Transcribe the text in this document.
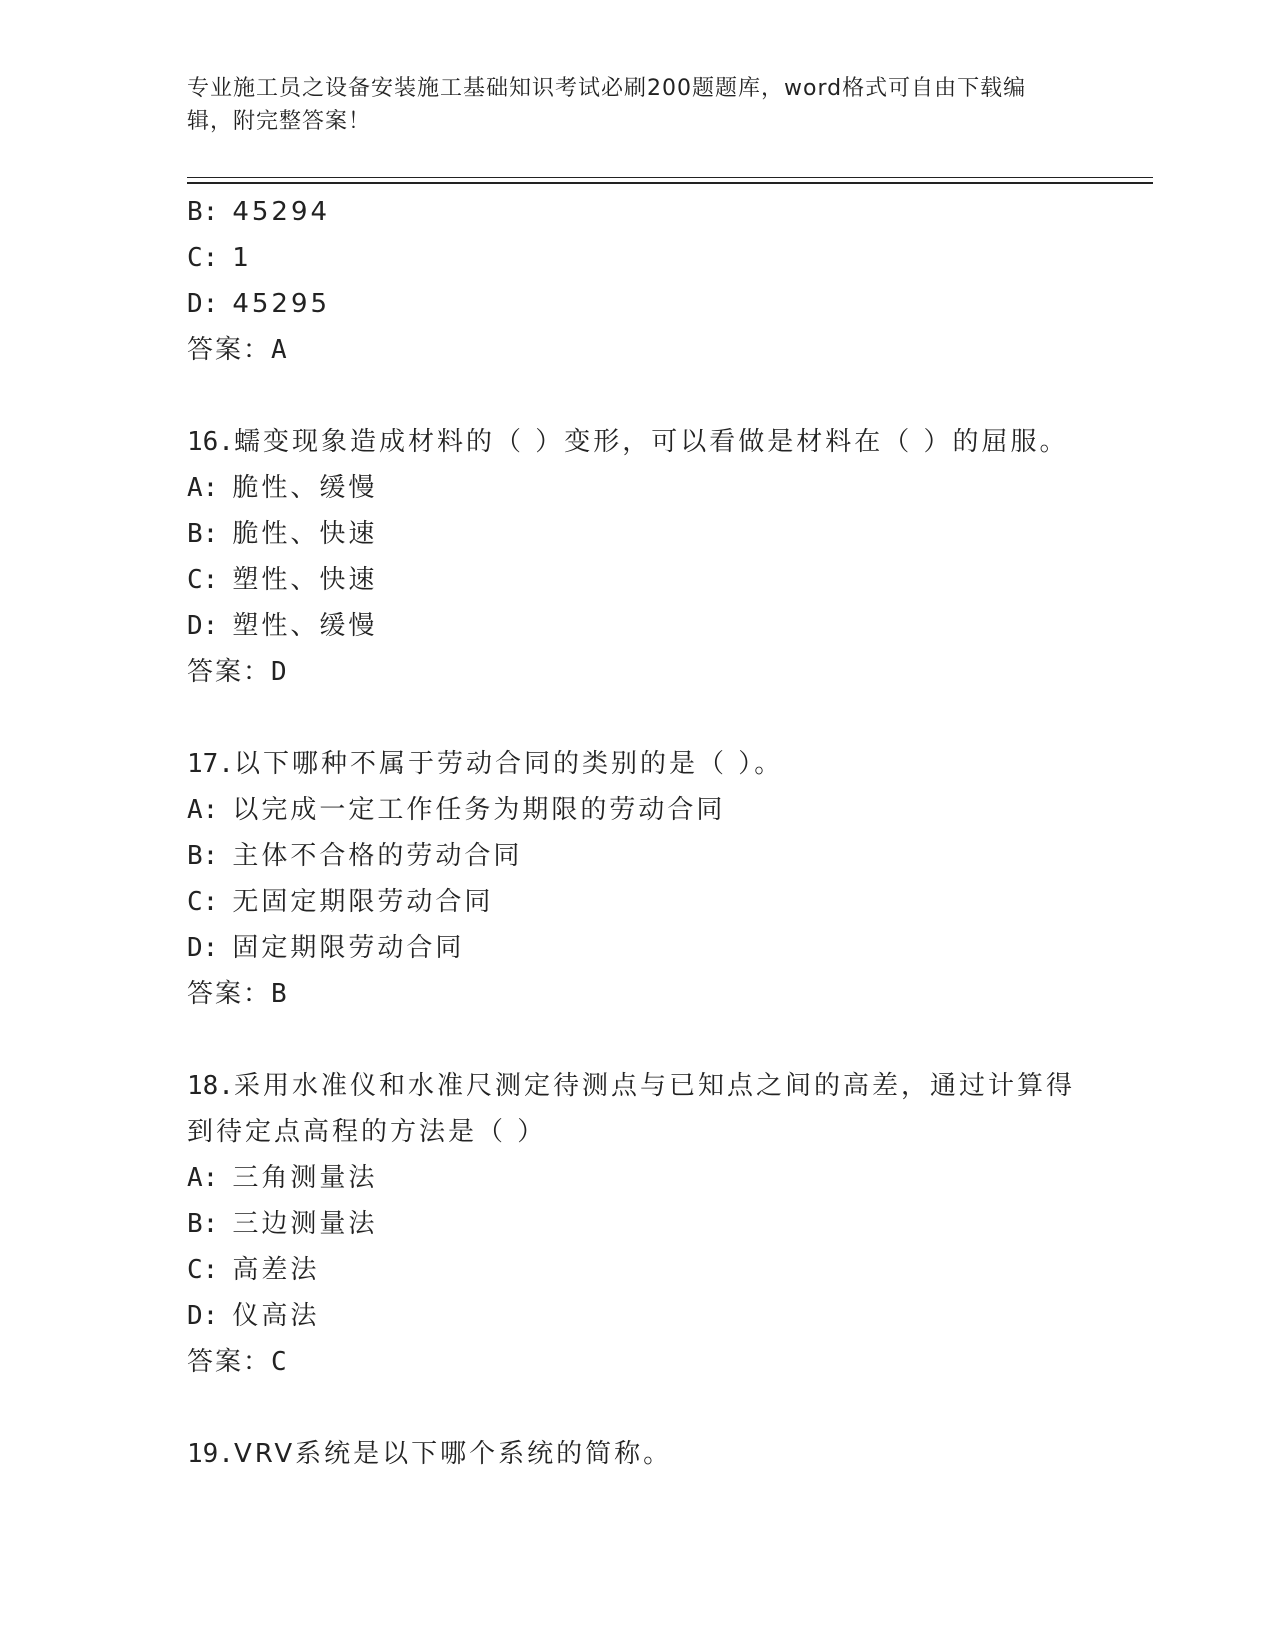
专业施工员之设备安装施工基础知识考试必刷200题题库，word格式可自由下载编辑，附完整答案！
B: 45294
C: 1
D: 45295
答案：A
16.蠕变现象造成材料的（ ）变形，可以看做是材料在（ ）的屈服。
A: 脆性、缓慢
B: 脆性、快速
C: 塑性、快速
D: 塑性、缓慢
答案：D
17.以下哪种不属于劳动合同的类别的是（ ）。
A: 以完成一定工作任务为期限的劳动合同
B: 主体不合格的劳动合同
C: 无固定期限劳动合同
D: 固定期限劳动合同
答案：B
18.采用水准仪和水准尺测定待测点与已知点之间的高差，通过计算得
到待定点高程的方法是（ ）
A: 三角测量法
B: 三边测量法
C: 高差法
D: 仪高法
答案：C
19.VRV系统是以下哪个系统的简称。
